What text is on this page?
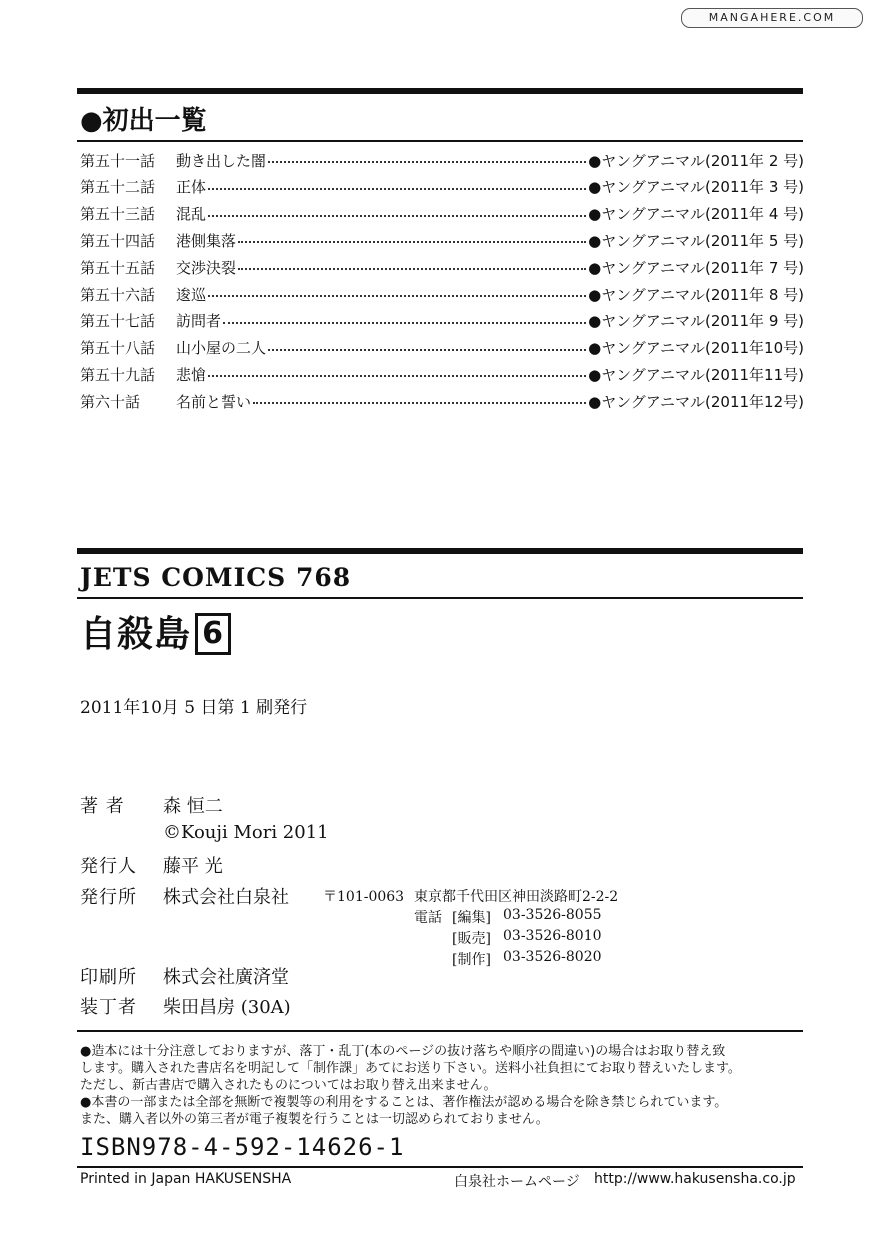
MANGAHERE.COM
●初出一覧
第五十一話	動き出した闇	●ヤングアニマル(2011年 2 号)
第五十二話	正体	●ヤングアニマル(2011年 3 号)
第五十三話	混乱	●ヤングアニマル(2011年 4 号)
第五十四話	港側集落	●ヤングアニマル(2011年 5 号)
第五十五話	交渉決裂	●ヤングアニマル(2011年 7 号)
第五十六話	逡巡	●ヤングアニマル(2011年 8 号)
第五十七話	訪問者	●ヤングアニマル(2011年 9 号)
第五十八話	山小屋の二人	●ヤングアニマル(2011年10号)
第五十九話	悲愴	●ヤングアニマル(2011年11号)
第六十話	名前と誓い	●ヤングアニマル(2011年12号)
JETS COMICS 768
自殺島 6
2011年10月 5 日第 1 刷発行
著 者 森 恒二
©Kouji Mori 2011
発行人 藤平 光
発行所 株式会社白泉社 〒101-0063 東京都千代田区神田淡路町2-2-2
電話 [編集] 03-3526-8055
[販売] 03-3526-8010
[制作] 03-3526-8020
印刷所 株式会社廣済堂
装丁者 柴田昌房 (30A)
●造本には十分注意しておりますが、落丁・乱丁(本のページの抜け落ちや順序の間違い)の場合はお取り替え致
します。購入された書店名を明記して「制作課」あてにお送り下さい。送料小社負担にてお取り替えいたします。
ただし、新古書店で購入されたものについてはお取り替え出来ません。
●本書の一部または全部を無断で複製等の利用をすることは、著作権法が認める場合を除き禁じられています。
また、購入者以外の第三者が電子複製を行うことは一切認められておりません。
ISBN978-4-592-14626-1
Printed in Japan HAKUSENSHA	白泉社ホームページ http://www.hakusensha.co.jp
